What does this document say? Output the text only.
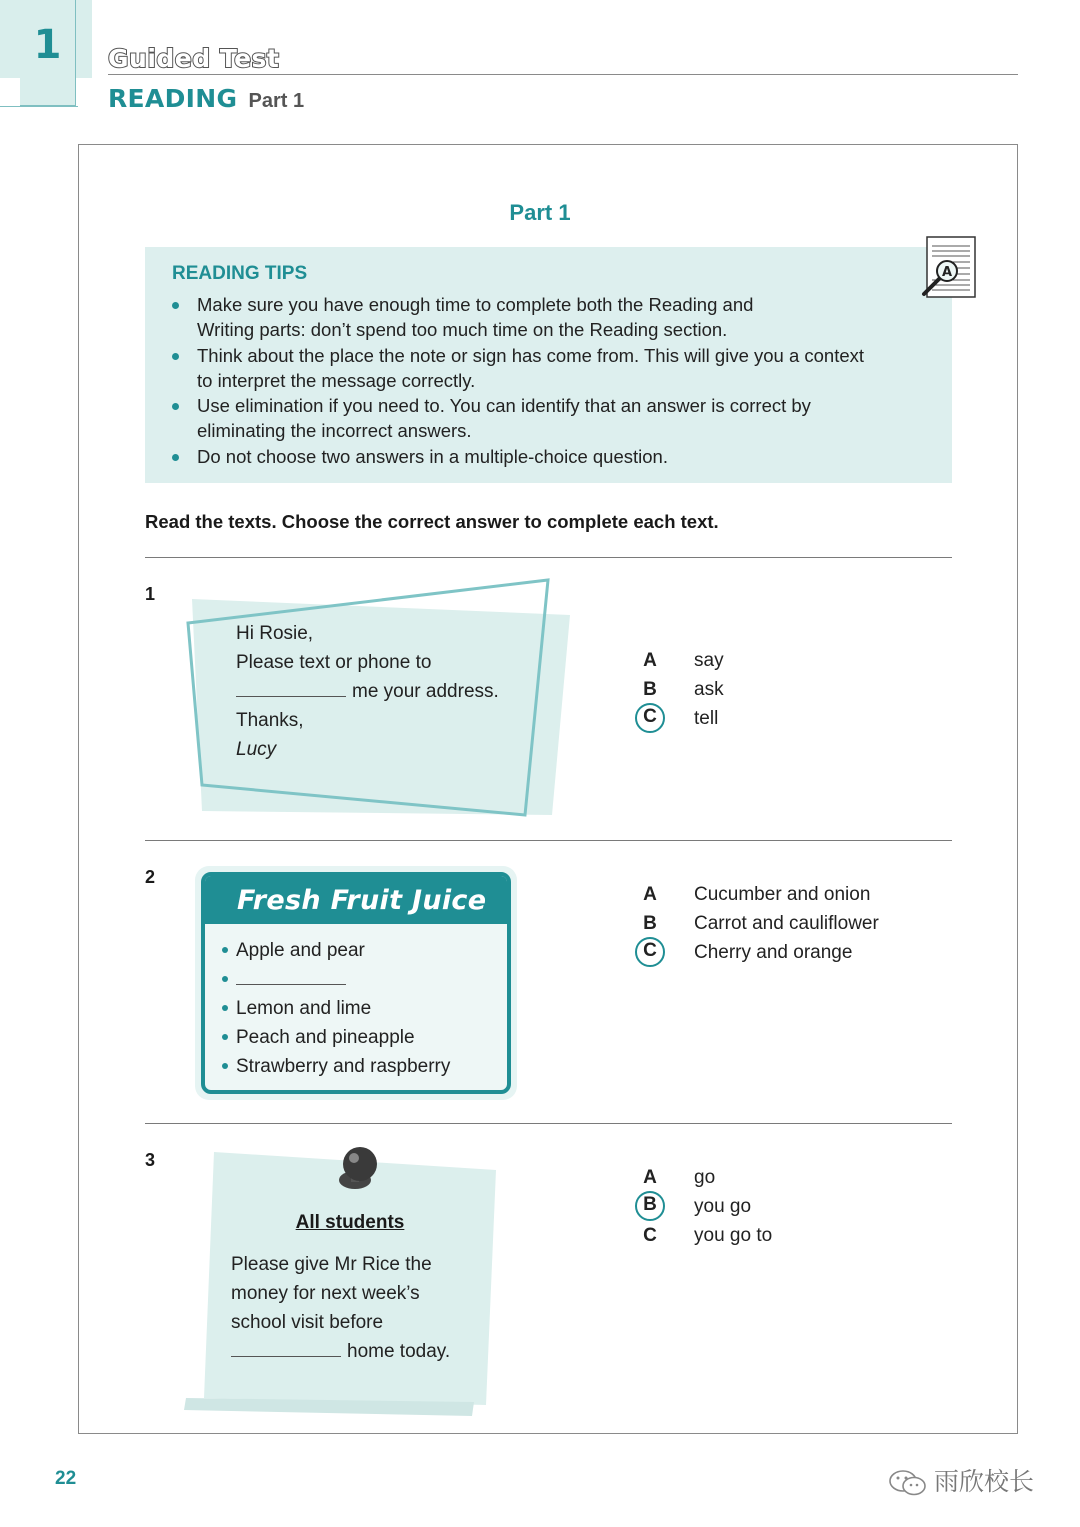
1	Guided Test
READING Part 1
Part 1
READING TIPS
Make sure you have enough time to complete both the Reading and
Writing parts: don’t spend too much time on the Reading section.
Think about the place the note or sign has come from. This will give you a context
to interpret the message correctly.
Use elimination if you need to. You can identify that an answer is correct by
eliminating the incorrect answers.
Do not choose two answers in a multiple-choice question.
A
Read the texts. Choose the correct answer to complete each text.
1
Hi Rosie,
Please text or phone to
me your address.
Thanks,
Lucy
A	say
B	ask
C	tell
2
Fresh Fruit Juice
Apple and pear
Lemon and lime
Peach and pineapple
Strawberry and raspberry
A	Cucumber and onion
B	Carrot and cauliflower
C	Cherry and orange
3
All students
Please give Mr Rice the
money for next week’s
school visit before
home today.
A	go
B	you go
C	you go to
22	雨欣校长
